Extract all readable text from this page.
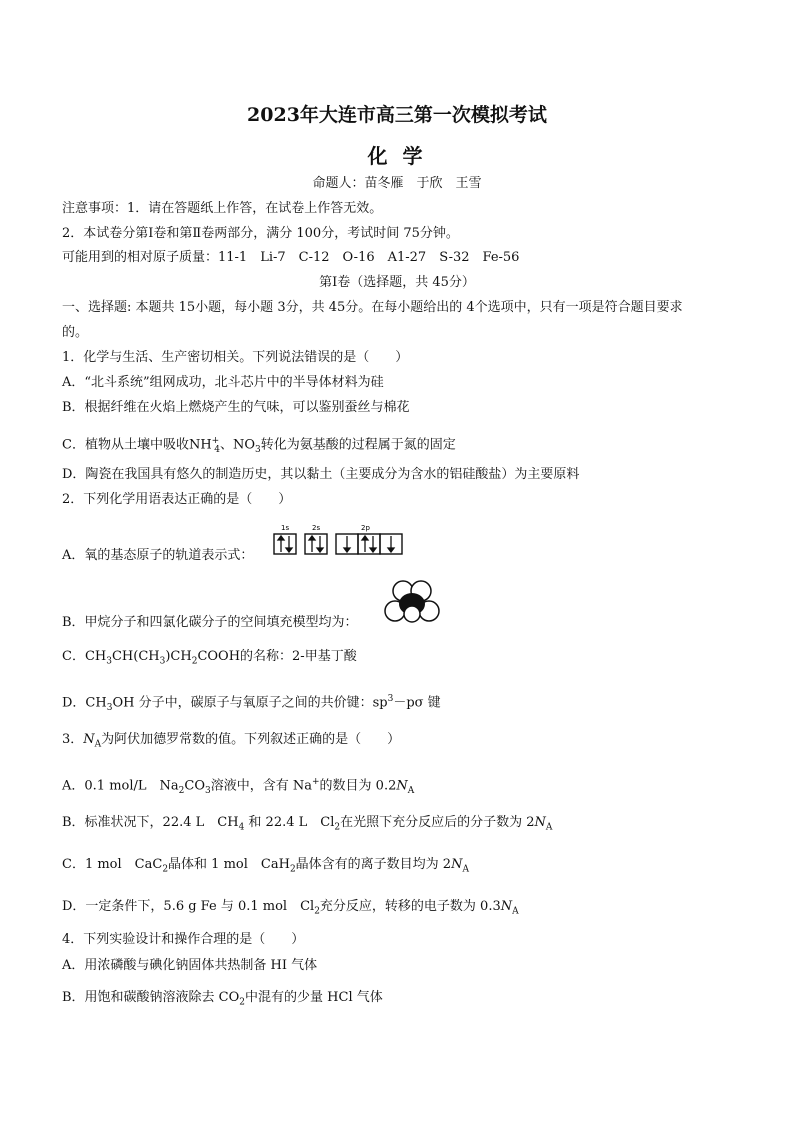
2023年大连市高三第一次模拟考试
化 学
命题人：苗冬雁　于欣　王雪
注意事项：1．请在答题纸上作答，在试卷上作答无效。
2．本试卷分第Ⅰ卷和第Ⅱ卷两部分，满分 100分，考试时间 75分钟。
可能用到的相对原子质量：11-1　Li-7　C-12　O-16　A1-27　S-32　Fe-56
第Ⅰ卷（选择题，共 45分）
一、选择题: 本题共 15小题，每小题 3分，共 45分。在每小题给出的 4个选项中，只有一项是符合题目要求
的。
1．化学与生活、生产密切相关。下列说法错误的是（　　）
A．“北斗系统”组网成功，北斗芯片中的半导体材料为硅
B．根据纤维在火焰上燃烧产生的气味，可以鉴别蚕丝与棉花
C．植物从土壤中吸收$NH^+_4$、$NO_3$转化为氨基酸的过程属于氮的固定
D．陶瓷在我国具有悠久的制造历史，其以黏土（主要成分为含水的铝硅酸盐）为主要原料
2．下列化学用语表达正确的是（　　）
A．氧的基态原子的轨道表示式：
1s	2s	2p
B．甲烷分子和四氯化碳分子的空间填充模型均为：
C．$CH_3CH(CH_3)CH_2COOH$的名称：2-甲基丁酸
D．$CH_3OH$ 分子中，碳原子与氧原子之间的共价键：$sp^3-p\sigma$ 键
3．$N_A$为阿伏加德罗常数的值。下列叙述正确的是（　　）
A．0.1 mol/L　$Na_2CO_3$溶液中，含有 Na+的数目为 $0.2N_A$
B．标准状况下，22.4 L　$CH_4$ 和 22.4 L　$Cl_2$在光照下充分反应后的分子数为 $2N_A$
C．1 mol　CaC$_2$晶体和 1 mol　CaH$_2$晶体含有的离子数目均为 $2N_A$
D．一定条件下，5.6 g Fe 与 0.1 mol　$Cl_2$充分反应，转移的电子数为 $0.3N_A$
4．下列实验设计和操作合理的是（　　）
A．用浓磷酸与碘化钠固体共热制备 HI 气体
B．用饱和碳酸钠溶液除去 $CO_2$中混有的少量 HCl 气体
